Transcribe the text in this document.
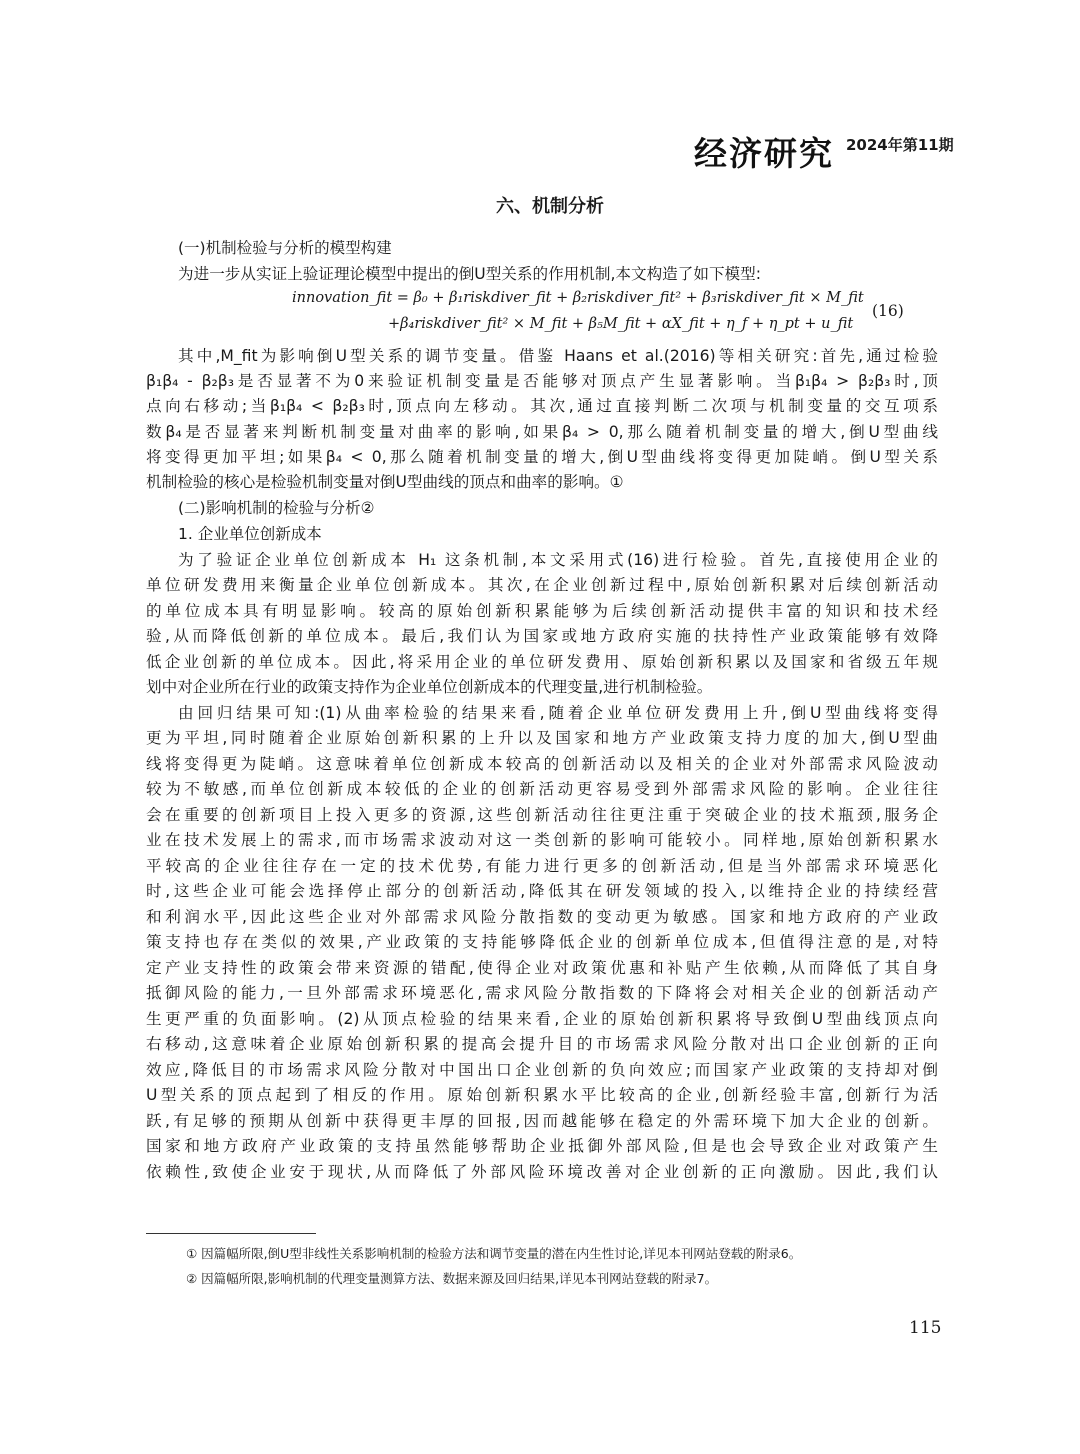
经济研究 2024年第11期
六、机制分析
(一)机制检验与分析的模型构建
为进一步从实证上验证理论模型中提出的倒U型关系的作用机制,本文构造了如下模型:
innovation_fit = β₀ + β₁riskdiver_fit + β₂riskdiver_fit² + β₃riskdiver_fit × M_fit
+β₄riskdiver_fit² × M_fit + β₅M_fit + αX_fit + η_f + η_pt + u_fit
(16)
其中,M_fit为影响倒U型关系的调节变量。借鉴 Haans et al.(2016)等相关研究:首先,通过检验
β₁β₄ - β₂β₃是否显著不为0来验证机制变量是否能够对顶点产生显著影响。当β₁β₄ > β₂β₃时,顶
点向右移动;当β₁β₄ < β₂β₃时,顶点向左移动。其次,通过直接判断二次项与机制变量的交互项系
数β₄是否显著来判断机制变量对曲率的影响,如果β₄ > 0,那么随着机制变量的增大,倒U型曲线
将变得更加平坦;如果β₄ < 0,那么随着机制变量的增大,倒U型曲线将变得更加陡峭。倒U型关系
机制检验的核心是检验机制变量对倒U型曲线的顶点和曲率的影响。①
(二)影响机制的检验与分析②
1. 企业单位创新成本
为了验证企业单位创新成本 H₁ 这条机制,本文采用式(16)进行检验。首先,直接使用企业的
单位研发费用来衡量企业单位创新成本。其次,在企业创新过程中,原始创新积累对后续创新活动
的单位成本具有明显影响。较高的原始创新积累能够为后续创新活动提供丰富的知识和技术经
验,从而降低创新的单位成本。最后,我们认为国家或地方政府实施的扶持性产业政策能够有效降
低企业创新的单位成本。因此,将采用企业的单位研发费用、原始创新积累以及国家和省级五年规
划中对企业所在行业的政策支持作为企业单位创新成本的代理变量,进行机制检验。
由回归结果可知:(1)从曲率检验的结果来看,随着企业单位研发费用上升,倒U型曲线将变得
更为平坦,同时随着企业原始创新积累的上升以及国家和地方产业政策支持力度的加大,倒U型曲
线将变得更为陡峭。这意味着单位创新成本较高的创新活动以及相关的企业对外部需求风险波动
较为不敏感,而单位创新成本较低的企业的创新活动更容易受到外部需求风险的影响。企业往往
会在重要的创新项目上投入更多的资源,这些创新活动往往更注重于突破企业的技术瓶颈,服务企
业在技术发展上的需求,而市场需求波动对这一类创新的影响可能较小。同样地,原始创新积累水
平较高的企业往往存在一定的技术优势,有能力进行更多的创新活动,但是当外部需求环境恶化
时,这些企业可能会选择停止部分的创新活动,降低其在研发领域的投入,以维持企业的持续经营
和利润水平,因此这些企业对外部需求风险分散指数的变动更为敏感。国家和地方政府的产业政
策支持也存在类似的效果,产业政策的支持能够降低企业的创新单位成本,但值得注意的是,对特
定产业支持性的政策会带来资源的错配,使得企业对政策优惠和补贴产生依赖,从而降低了其自身
抵御风险的能力,一旦外部需求环境恶化,需求风险分散指数的下降将会对相关企业的创新活动产
生更严重的负面影响。(2)从顶点检验的结果来看,企业的原始创新积累将导致倒U型曲线顶点向
右移动,这意味着企业原始创新积累的提高会提升目的市场需求风险分散对出口企业创新的正向
效应,降低目的市场需求风险分散对中国出口企业创新的负向效应;而国家产业政策的支持却对倒
U型关系的顶点起到了相反的作用。原始创新积累水平比较高的企业,创新经验丰富,创新行为活
跃,有足够的预期从创新中获得更丰厚的回报,因而越能够在稳定的外需环境下加大企业的创新。
国家和地方政府产业政策的支持虽然能够帮助企业抵御外部风险,但是也会导致企业对政策产生
依赖性,致使企业安于现状,从而降低了外部风险环境改善对企业创新的正向激励。因此,我们认
① 因篇幅所限,倒U型非线性关系影响机制的检验方法和调节变量的潜在内生性讨论,详见本刊网站登载的附录6。
② 因篇幅所限,影响机制的代理变量测算方法、数据来源及回归结果,详见本刊网站登载的附录7。
115
